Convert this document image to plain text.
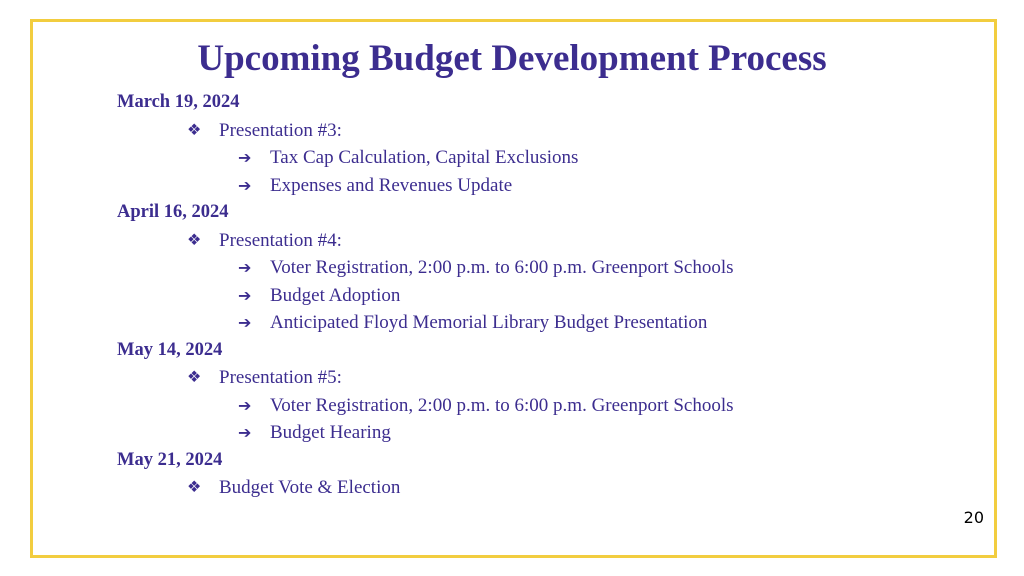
Upcoming Budget Development Process
March 19, 2024
❖ Presentation #3:
➔ Tax Cap Calculation, Capital Exclusions
➔ Expenses and Revenues Update
April 16, 2024
❖ Presentation #4:
➔ Voter Registration, 2:00 p.m. to 6:00 p.m. Greenport Schools
➔ Budget Adoption
➔ Anticipated Floyd Memorial Library Budget Presentation
May 14, 2024
❖ Presentation #5:
➔ Voter Registration, 2:00 p.m. to 6:00 p.m. Greenport Schools
➔ Budget Hearing
May 21, 2024
❖ Budget Vote & Election
20
